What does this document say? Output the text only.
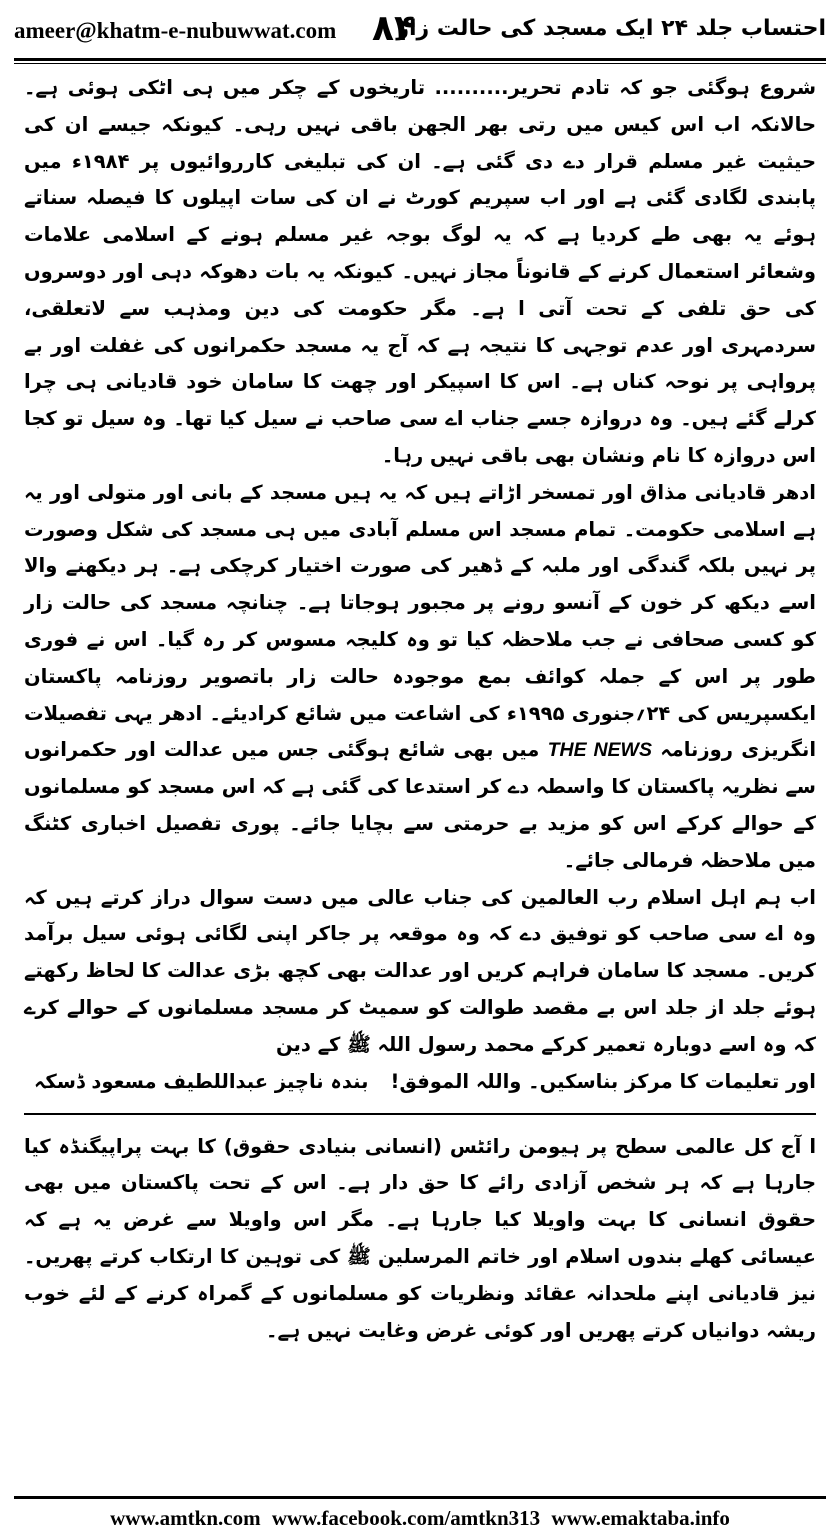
ameer@khatm-e-nubuwwat.com ۸۴
احتساب جلد ۲۴ ایک مسجد کی حالت زار

شروع ہوگئی جو کہ تادم تحریر.......... تاریخوں کے چکر میں ہی اٹکی ہوئی ہے۔ حالانکہ اب اس کیس میں رتی بھر الجھن باقی نہیں رہی۔ کیونکہ جیسے ان کی حیثیت غیر مسلم قرار دے دی گئی ہے۔ ان کی تبلیغی کارروائیوں پر ۱۹۸۴ء میں پابندی لگادی گئی ہے اور اب سپریم کورٹ نے ان کی سات اپیلوں کا فیصلہ سناتے ہوئے یہ بھی طے کردیا ہے کہ یہ لوگ بوجہ غیر مسلم ہونے کے اسلامی علامات وشعائر استعمال کرنے کے قانوناً مجاز نہیں۔ کیونکہ یہ بات دھوکہ دہی اور دوسروں کی حق تلفی کے تحت آتی ا ہے۔ مگر حکومت کی دین ومذہب سے لاتعلقی، سردمہری اور عدم توجہی کا نتیجہ ہے کہ آج یہ مسجد حکمرانوں کی غفلت اور بے پرواہی پر نوحہ کناں ہے۔ اس کا اسپیکر اور چھت کا سامان خود قادیانی ہی چرا کرلے گئے ہیں۔ وہ دروازہ جسے جناب اے سی صاحب نے سیل کیا تھا۔ وہ سیل تو کجا اس دروازہ کا نام ونشان بھی باقی نہیں رہا۔

ادھر قادیانی مذاق اور تمسخر اڑاتے ہیں کہ یہ ہیں مسجد کے بانی اور متولی اور یہ ہے اسلامی حکومت۔ تمام مسجد اس مسلم آبادی میں ہی مسجد کی شکل وصورت پر نہیں بلکہ گندگی اور ملبہ کے ڈھیر کی صورت اختیار کرچکی ہے۔ ہر دیکھنے والا اسے دیکھ کر خون کے آنسو رونے پر مجبور ہوجاتا ہے۔ چنانچہ مسجد کی حالت زار کو کسی صحافی نے جب ملاحظہ کیا تو وہ کلیجہ مسوس کر رہ گیا۔ اس نے فوری طور پر اس کے جملہ کوائف بمع موجودہ حالت زار باتصویر روزنامہ پاکستان ایکسپریس کی ۲۴؍جنوری ۱۹۹۵ء کی اشاعت میں شائع کرادیئے۔ ادھر یہی تفصیلات انگریزی روزنامہ THE NEWS میں بھی شائع ہوگئی جس میں عدالت اور حکمرانوں سے نظریہ پاکستان کا واسطہ دے کر استدعا کی گئی ہے کہ اس مسجد کو مسلمانوں کے حوالے کرکے اس کو مزید بے حرمتی سے بچایا جائے۔ پوری تفصیل اخباری کٹنگ میں ملاحظہ فرمالی جائے۔

اب ہم اہل اسلام رب العالمین کی جناب عالی میں دست سوال دراز کرتے ہیں کہ وہ اے سی صاحب کو توفیق دے کہ وہ موقعہ پر جاکر اپنی لگائی ہوئی سیل برآمد کریں۔ مسجد کا سامان فراہم کریں اور عدالت بھی کچھ بڑی عدالت کا لحاظ رکھتے ہوئے جلد از جلد اس بے مقصد طوالت کو سمیٹ کر مسجد مسلمانوں کے حوالے کرے کہ وہ اسے دوبارہ تعمیر کرکے محمد رسول اللہ ﷺ کے دین

اور تعلیمات کا مرکز بناسکیں۔ واللہ الموفق!
بندہ ناچیز عبداللطیف مسعود ڈسکہ

اآج کل عالمی سطح پر ہیومن رائٹس (انسانی بنیادی حقوق) کا بہت پراپیگنڈہ کیا جارہا ہے کہ ہر شخص آزادی رائے کا حق دار ہے۔ اس کے تحت پاکستان میں بھی حقوق انسانی کا بہت واویلا کیا جارہا ہے۔ مگر اس واویلا سے غرض یہ ہے کہ عیسائی کھلے بندوں اسلام اور خاتم المرسلین ﷺ کی توہین کا ارتکاب کرتے پھریں۔ نیز قادیانی اپنے ملحدانہ عقائد ونظریات کو مسلمانوں کے گمراہ کرنے کے لئے خوب ریشہ دوانیاں کرتے پھریں اور کوئی غرض وغایت نہیں ہے۔

www.amtkn.com www.facebook.com/amtkn313 www.emaktaba.info
